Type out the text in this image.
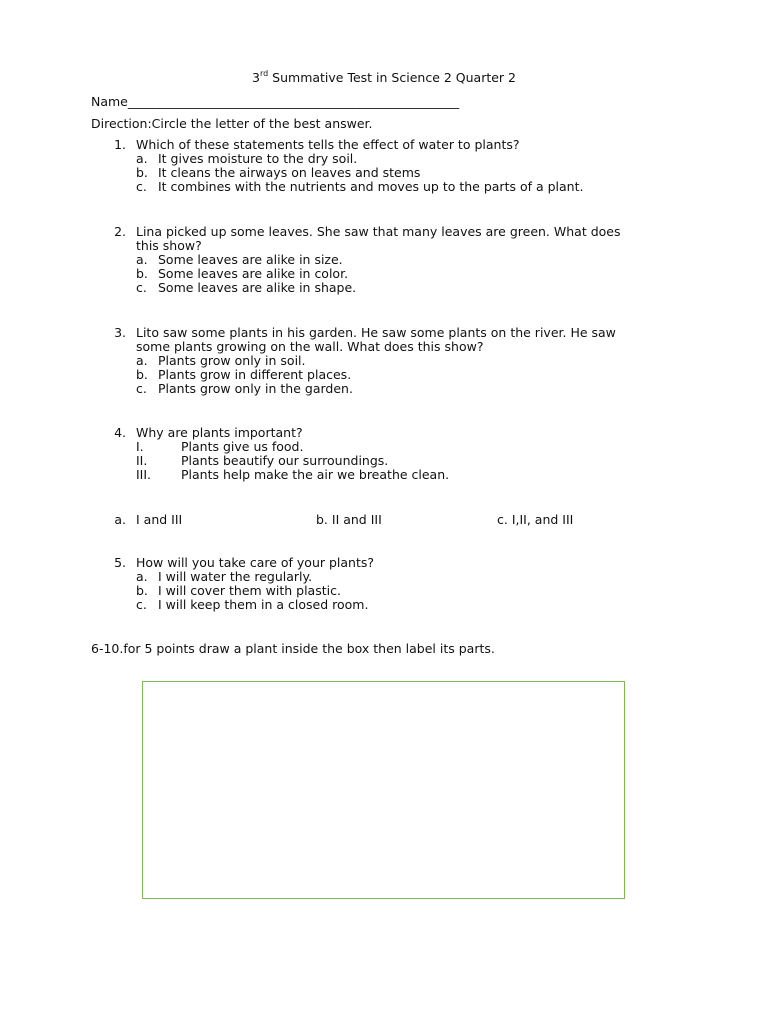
3rd Summative Test in Science 2 Quarter 2
Name_____________________________________________________
Direction:Circle the letter of the best answer.
1. Which of these statements tells the effect of water to plants?
a. It gives moisture to the dry soil.
b. It cleans the airways on leaves and stems
c. It combines with the nutrients and moves up to the parts of a plant.
2. Lina picked up some leaves. She saw that many leaves are green. What does
this show?
a. Some leaves are alike in size.
b. Some leaves are alike in color.
c. Some leaves are alike in shape.
3. Lito saw some plants in his garden. He saw some plants on the river. He saw
some plants growing on the wall. What does this show?
a. Plants grow only in soil.
b. Plants grow in different places.
c. Plants grow only in the garden.
4. Why are plants important?
I.	Plants give us food.
II.	Plants beautify our surroundings.
III. Plants help make the air we breathe clean.
a. I and III	b. II and III	c. I,II, and III
5. How will you take care of your plants?
a. I will water the regularly.
b. I will cover them with plastic.
c. I will keep them in a closed room.
6-10.for 5 points draw a plant inside the box then label its parts.
